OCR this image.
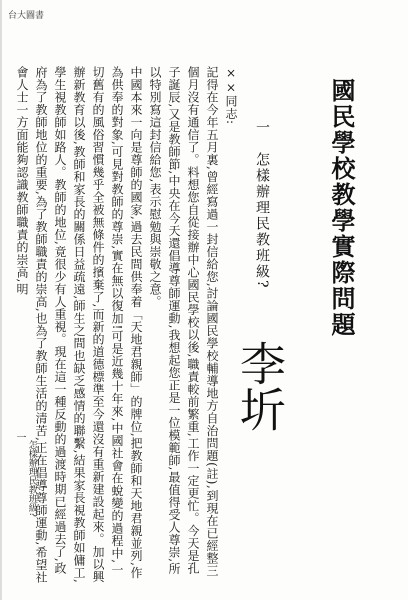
台大圖書
國民學校教學實際問題
一　怎樣辦理民教班級?
李圻

××同志:

記得在今年五月裏,曾經寫過一封信給您,討論國民學校輔導地方自治問題(註),到現在已經整三個月沒有通信了。料想您自從接辦中心國民學校以後,職責較前繁重,工作一定更忙。今天是孔子誕辰,又是教師節,中央在今天還倡導尊師運動,我想起您正是一位模範師,最值得受人尊崇,所以特別寫這封信給您,表示慰勉與崇敬之意。

中國本來一向是尊師的國家,過去民間供奉着「天地君親師」的牌位,把教師和天地君親並列,作為供奉的對象,可見對教師的尊崇,實在無以復加!可是近幾十年來,中國社會在蛻變的過程中,一切舊有的風俗習慣幾乎全被無條件的擯棄了,而新的道德標準至今還沒有重新建設起來。加以興辦新教育以後,教師和家長的關係日益疏遠,師生之間也缺乏感情的聯繫,結果家長視教師如傭工,學生視教師如路人。教師的地位,竟很少有人重視。現在這一種反動的過渡時期已經過去了,政府為了教師地位的重要,為了教師職責的崇高,也為了教師生活的清苦,正在倡導尊師運動,希望社會人士一方面能夠認識教師職責的崇高,明

一
怎樣辦理民教班級?
